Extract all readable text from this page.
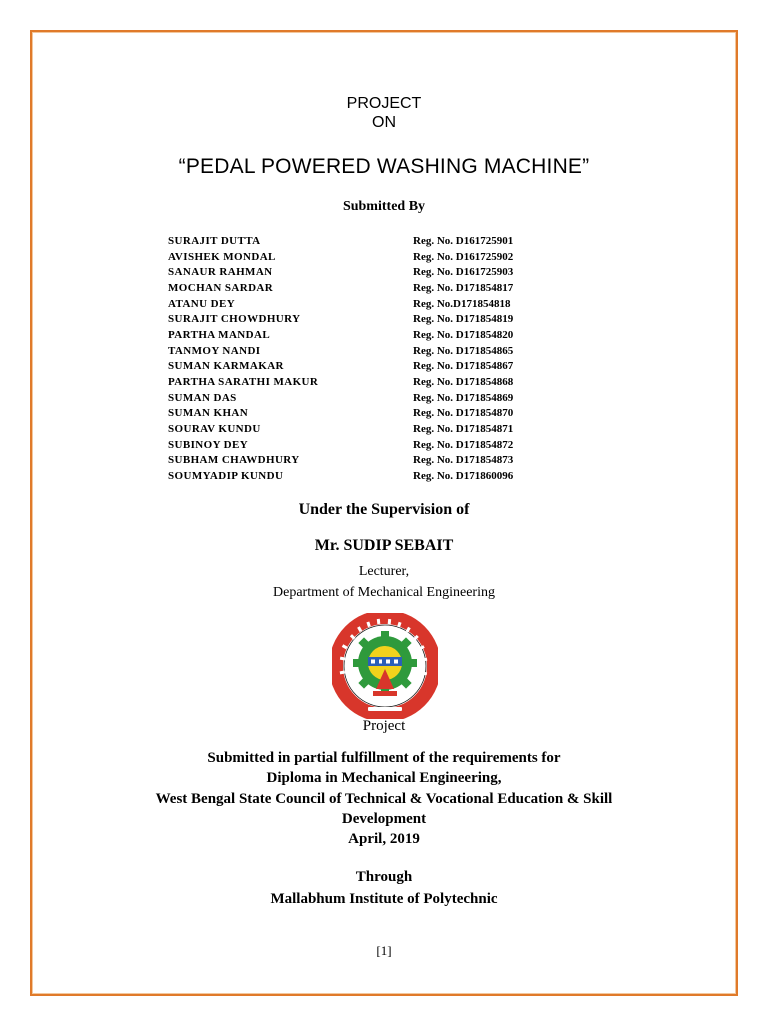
PROJECT
ON
“PEDAL POWERED WASHING MACHINE”
Submitted By
SURAJIT DUTTA	Reg. No. D161725901
AVISHEK MONDAL	Reg. No. D161725902
SANAUR RAHMAN	Reg. No. D161725903
MOCHAN SARDAR	Reg. No. D171854817
ATANU DEY	Reg. No.D171854818
SURAJIT CHOWDHURY	Reg. No. D171854819
PARTHA MANDAL	Reg. No. D171854820
TANMOY NANDI	Reg. No. D171854865
SUMAN KARMAKAR	Reg. No. D171854867
PARTHA SARATHI MAKUR	Reg. No. D171854868
SUMAN DAS	Reg. No. D171854869
SUMAN KHAN	Reg. No. D171854870
SOURAV KUNDU	Reg. No. D171854871
SUBINOY DEY	Reg. No. D171854872
SUBHAM CHAWDHURY	Reg. No. D171854873
SOUMYADIP KUNDU	Reg. No. D171860096
Under the Supervision of
Mr. SUDIP SEBAIT
Lecturer,
Department of Mechanical Engineering
Project
Submitted in partial fulfillment of the requirements for
Diploma in Mechanical Engineering,
West Bengal State Council of Technical & Vocational Education & Skill
Development
April, 2019
Through
Mallabhum Institute of Polytechnic
[1]
